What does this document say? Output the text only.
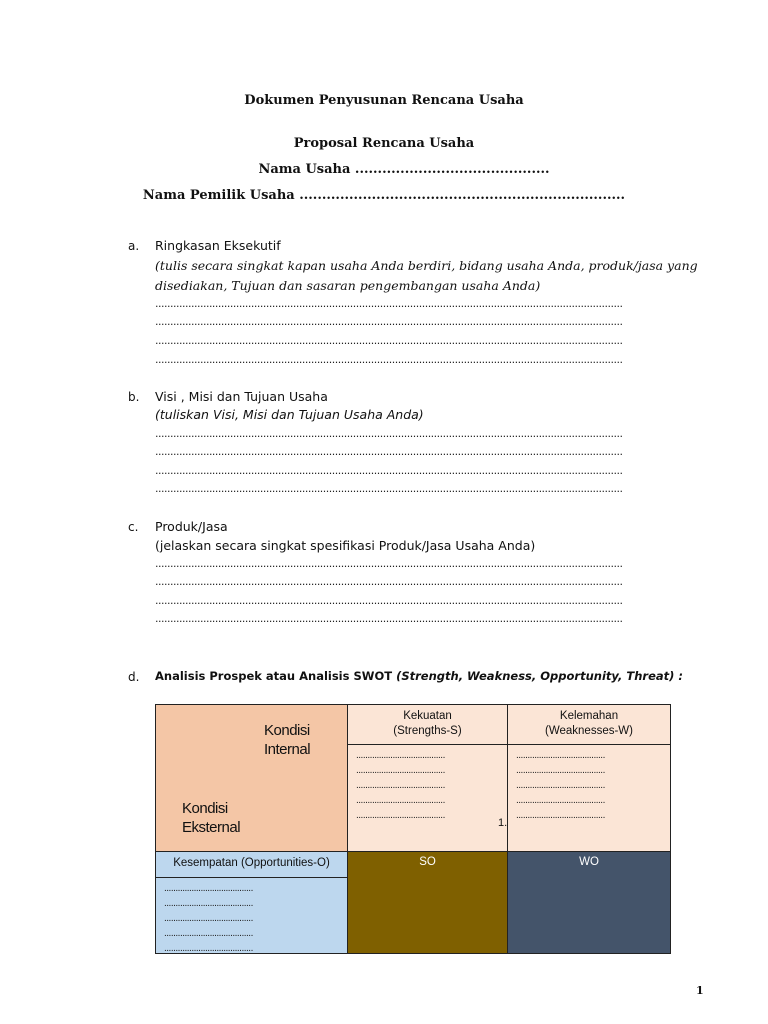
Dokumen Penyusunan Rencana Usaha
Proposal Rencana Usaha
Nama Usaha ...........................................
Nama Pemilik Usaha ........................................................................
a. Ringkasan Eksekutif
(tulis secara singkat kapan usaha Anda berdiri, bidang usaha Anda, produk/jasa yang
disediakan, Tujuan dan sasaran pengembangan usaha Anda)
............................................................................................................................................................
............................................................................................................................................................
............................................................................................................................................................
............................................................................................................................................................
b. Visi , Misi dan Tujuan Usaha
(tuliskan Visi, Misi dan Tujuan Usaha Anda)
............................................................................................................................................................
............................................................................................................................................................
............................................................................................................................................................
............................................................................................................................................................
c. Produk/Jasa
(jelaskan secara singkat spesifikasi Produk/Jasa Usaha Anda)
............................................................................................................................................................
............................................................................................................................................................
............................................................................................................................................................
............................................................................................................................................................
d. Analisis Prospek atau Analisis SWOT (Strength, Weakness, Opportunity, Threat) :
Kondisi
Internal
Kondisi
Eksternal
Kekuatan
(Strengths-S)
.......................................
.......................................
.......................................
.......................................
.......................................
1.
Kelemahan
(Weaknesses-W)
.......................................
.......................................
.......................................
.......................................
.......................................
Kesempatan (Opportunities-O)
.......................................
.......................................
.......................................
.......................................
.......................................
SO	WO
1
